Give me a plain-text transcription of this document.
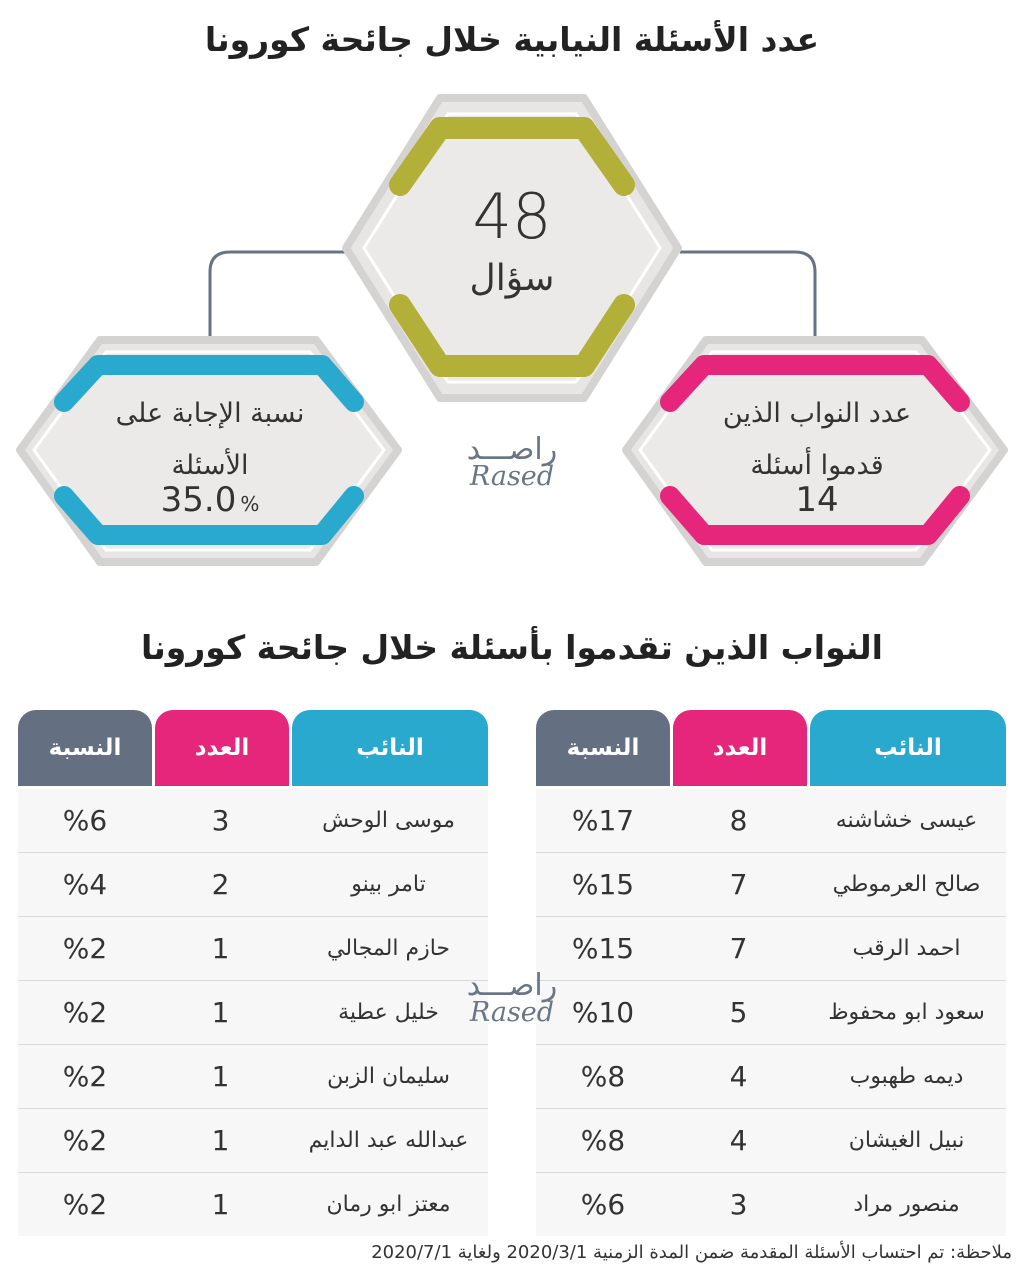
عدد الأسئلة النيابية خلال جائحة كورونا
48
سؤال
نسبة الإجابة على
الأسئلة
35.0 %
عدد النواب الذين
قدموا أسئلة
14
راصـــد
Rased
النواب الذين تقدموا بأسئلة خلال جائحة كورونا
النائب
العدد
النسبة
عيسى خشاشنه
8
%17
صالح العرموطي
7
%15
احمد الرقب
7
%15
سعود ابو محفوظ
5
%10
ديمه طهبوب
4
%8
نبيل الغيشان
4
%8
منصور مراد
3
%6
النائب
العدد
النسبة
موسى الوحش
3
%6
تامر بينو
2
%4
حازم المجالي
1
%2
خليل عطية
1
%2
سليمان الزبن
1
%2
عبدالله عبد الدايم
1
%2
معتز ابو رمان
1
%2
راصـــد
Rased
ملاحظة: تم احتساب الأسئلة المقدمة ضمن المدة الزمنية 2020/3/1 ولغاية 2020/7/1
